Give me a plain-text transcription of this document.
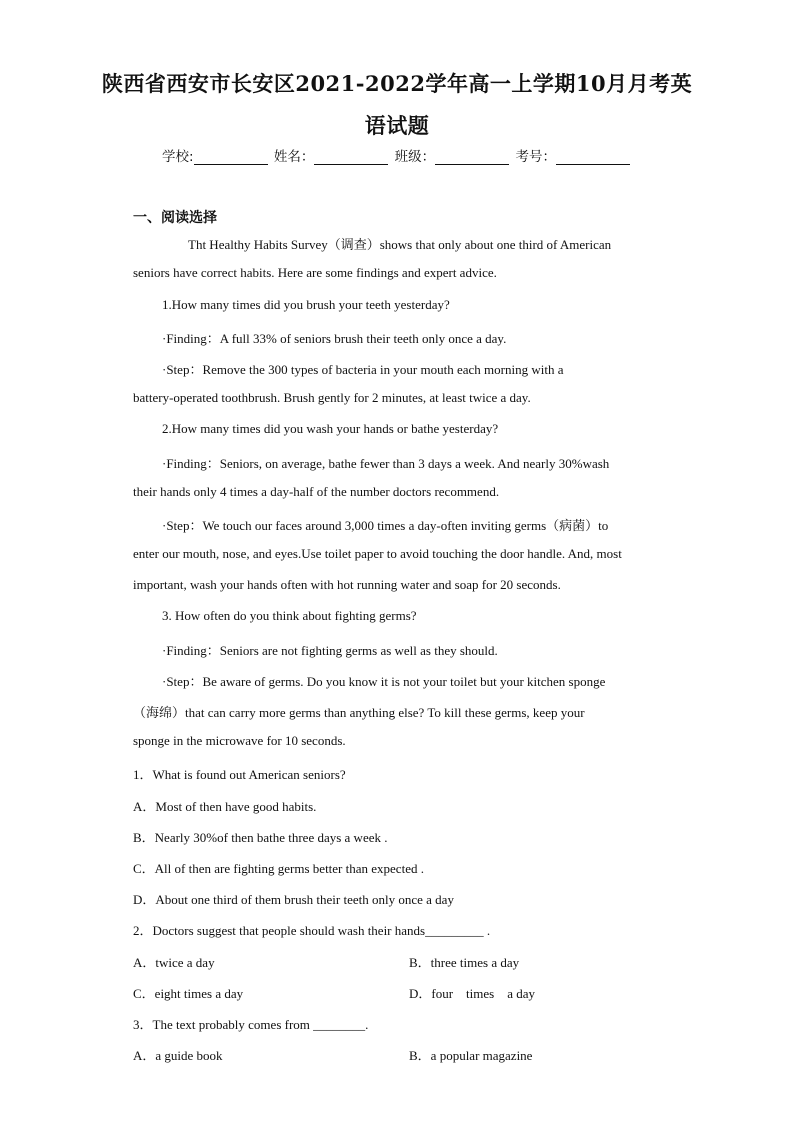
陕西省西安市长安区2021-2022学年高一上学期10月月考英
语试题
学校:	姓名：	班级：	考号：
一、阅读选择
Tht Healthy Habits Survey（调查）shows that only about one third of American
seniors have correct habits. Here are some findings and expert advice.
1.How many times did you brush your teeth yesterday?
·Finding：A full 33% of seniors brush their teeth only once a day.
·Step：Remove the 300 types of bacteria in your mouth each morning with a
battery-operated toothbrush. Brush gently for 2 minutes, at least twice a day.
2.How many times did you wash your hands or bathe yesterday?
·Finding：Seniors, on average, bathe fewer than 3 days a week. And nearly 30%wash
their hands only 4 times a day-half of the number doctors recommend.
·Step：We touch our faces around 3,000 times a day-often inviting germs（病菌）to
enter our mouth, nose, and eyes.Use toilet paper to avoid touching the door handle. And, most
important, wash your hands often with hot running water and soap for 20 seconds.
3. How often do you think about fighting germs?
·Finding：Seniors are not fighting germs as well as they should.
·Step：Be aware of germs. Do you know it is not your toilet but your kitchen sponge
（海绵）that can carry more germs than anything else? To kill these germs, keep your
sponge in the microwave for 10 seconds.
1．What is found out American seniors?
A．Most of then have good habits.
B．Nearly 30%of then bathe three days a week .
C．All of then are fighting germs better than expected .
D．About one third of them brush their teeth only once a day
2．Doctors suggest that people should wash their hands_________ .
A．twice a day	B．three times a day
C．eight times a day	D．four    times    a day
3．The text probably comes from ________.
A．a guide book	B．a popular magazine
